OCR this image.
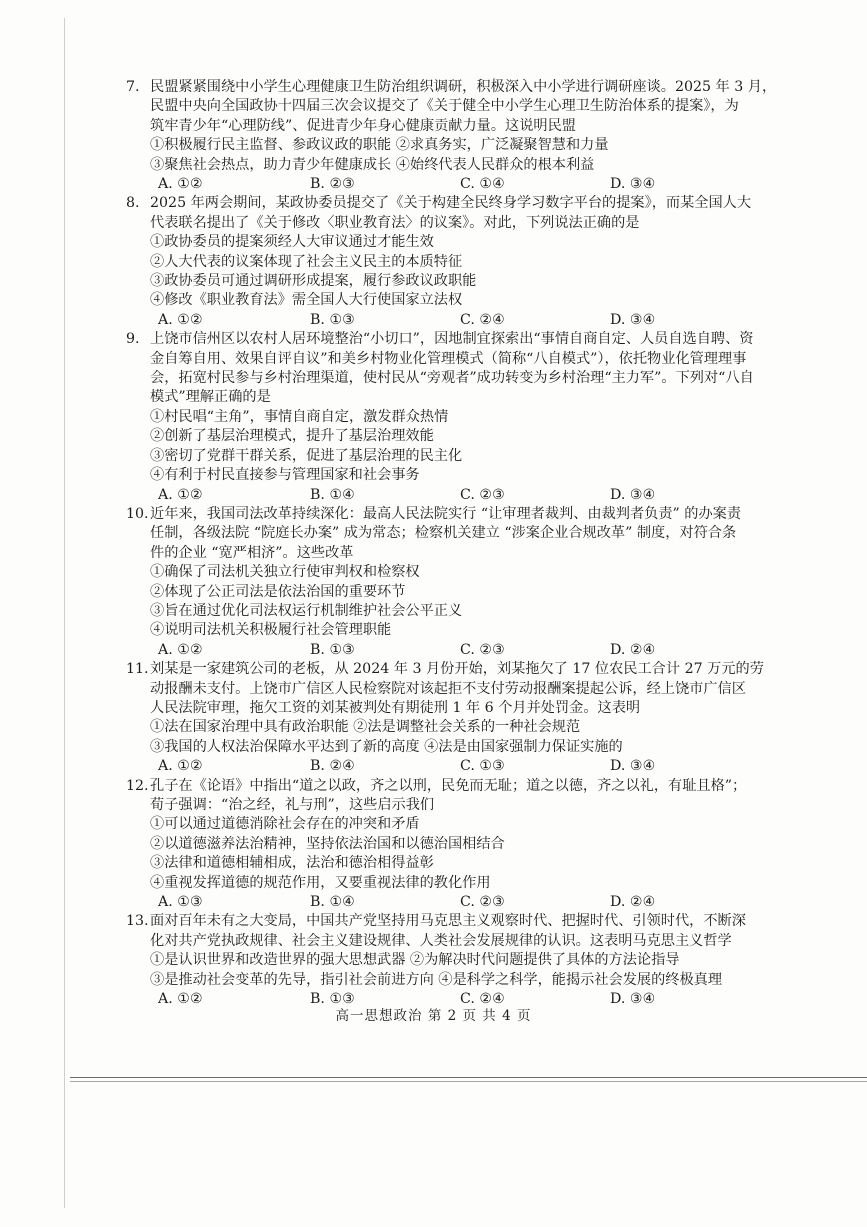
7. 民盟紧紧围绕中小学生心理健康卫生防治组织调研，积极深入中小学进行调研座谈。2025 年 3 月，
民盟中央向全国政协十四届三次会议提交了《关于健全中小学生心理卫生防治体系的提案》，为
筑牢青少年“心理防线”、促进青少年身心健康贡献力量。这说明民盟
①积极履行民主监督、参政议政的职能 ②求真务实，广泛凝聚智慧和力量
③聚焦社会热点，助力青少年健康成长 ④始终代表人民群众的根本利益
A. ①②	B. ②③	C. ①④	D. ③④
8. 2025 年两会期间，某政协委员提交了《关于构建全民终身学习数字平台的提案》，而某全国人大
代表联名提出了《关于修改〈职业教育法〉的议案》。对此，下列说法正确的是
①政协委员的提案须经人大审议通过才能生效
②人大代表的议案体现了社会主义民主的本质特征
③政协委员可通过调研形成提案，履行参政议政职能
④修改《职业教育法》需全国人大行使国家立法权
A. ①②	B. ①③	C. ②④	D. ③④
9. 上饶市信州区以农村人居环境整治“小切口”，因地制宜探索出“事情自商自定、人员自选自聘、资
金自筹自用、效果自评自议”和美乡村物业化管理模式（简称“八自模式”），依托物业化管理理事
会，拓宽村民参与乡村治理渠道，使村民从“旁观者”成功转变为乡村治理“主力军”。下列对“八自
模式”理解正确的是
①村民唱“主角”，事情自商自定，激发群众热情
②创新了基层治理模式，提升了基层治理效能
③密切了党群干群关系，促进了基层治理的民主化
④有利于村民直接参与管理国家和社会事务
A. ①②	B. ①④	C. ②③	D. ③④
10. 近年来，我国司法改革持续深化：最高人民法院实行 “让审理者裁判、由裁判者负责” 的办案责
任制，各级法院 “院庭长办案” 成为常态；检察机关建立 “涉案企业合规改革” 制度，对符合条
件的企业 “宽严相济”。这些改革
①确保了司法机关独立行使审判权和检察权
②体现了公正司法是依法治国的重要环节
③旨在通过优化司法权运行机制维护社会公平正义
④说明司法机关积极履行社会管理职能
A. ①②	B. ①③	C. ②③	D. ②④
11. 刘某是一家建筑公司的老板，从 2024 年 3 月份开始，刘某拖欠了 17 位农民工合计 27 万元的劳
动报酬未支付。上饶市广信区人民检察院对该起拒不支付劳动报酬案提起公诉，经上饶市广信区
人民法院审理，拖欠工资的刘某被判处有期徒刑 1 年 6 个月并处罚金。这表明
①法在国家治理中具有政治职能 ②法是调整社会关系的一种社会规范
③我国的人权法治保障水平达到了新的高度 ④法是由国家强制力保证实施的
A. ①②	B. ②④	C. ①③	D. ③④
12. 孔子在《论语》中指出“道之以政，齐之以刑，民免而无耻；道之以德，齐之以礼，有耻且格”；
荀子强调：“治之经，礼与刑”，这些启示我们
①可以通过道德消除社会存在的冲突和矛盾
②以道德滋养法治精神，坚持依法治国和以德治国相结合
③法律和道德相辅相成，法治和德治相得益彰
④重视发挥道德的规范作用，又要重视法律的教化作用
A. ①③	B. ①④	C. ②③	D. ②④
13. 面对百年未有之大变局，中国共产党坚持用马克思主义观察时代、把握时代、引领时代，不断深
化对共产党执政规律、社会主义建设规律、人类社会发展规律的认识。这表明马克思主义哲学
①是认识世界和改造世界的强大思想武器 ②为解决时代问题提供了具体的方法论指导
③是推动社会变革的先导，指引社会前进方向 ④是科学之科学，能揭示社会发展的终极真理
A. ①②	B. ①③	C. ②④	D. ③④
高一思想政治 第 2 页 共 4 页
